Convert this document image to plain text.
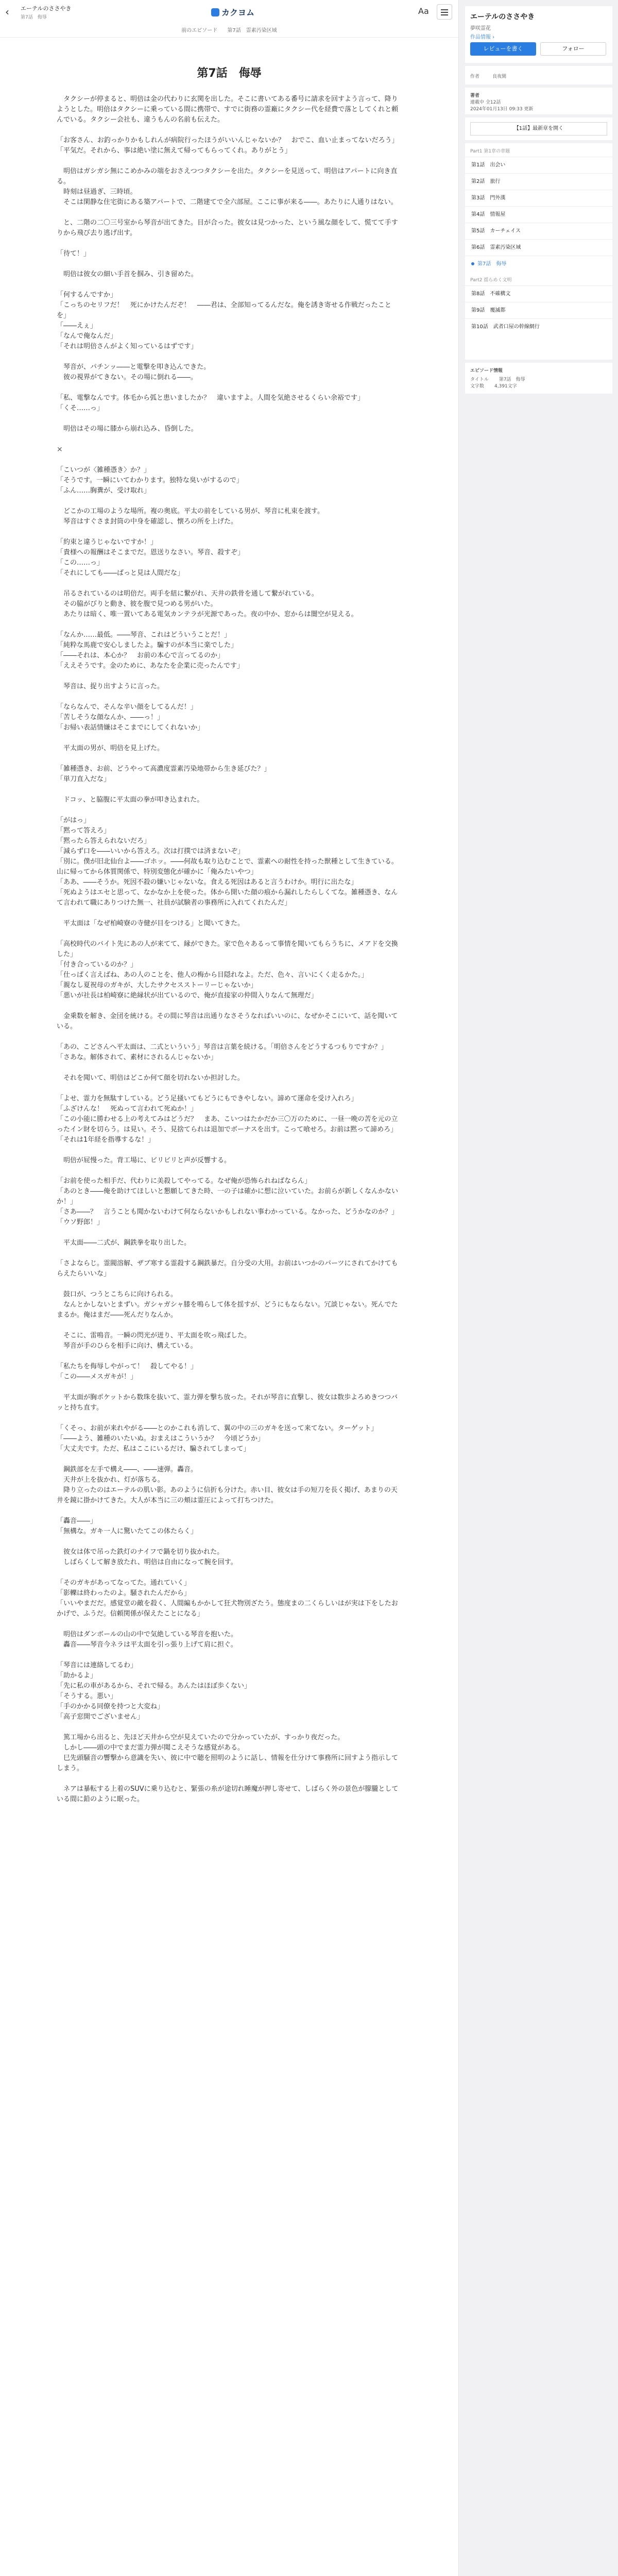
‹	エーテルのささやき
第7話　侮辱	カクヨム	Aa
前のエピソード 第7話　霊素汚染区域
第7話　侮辱

　タクシーが停まると、明倍は金の代わりに玄関を出した。そこに書いてある番号に請求を回すよう言って、降りようとした。明倍はタクシーに乗っている間に携帯で、すでに街務の霊廠にタクシー代を経費で落としてくれと頼んでいる。タクシー会社も、違うもんの名前も伝えた。

「お客さん、お釣っかりかもしれんが病院行ったほうがいいんじゃないか？　おでこ、血い止まってないだろう」
「平気だ。それから、事は絶い塗に無えて帰ってもらってくれ。ありがとう」

　明倍はガシガシ無にこめかみの端をおさえつつタクシーを出た。タクシーを見送って、明倍はアパートに向き直る。
　時刻は昼過ぎ、三時頃。
　そこは閑静な住宅街にある築アパートで、二階建てで全六部屋。ここに事が来る――。あたりに人通りはない。

　と、二階の二〇三号室から琴音が出てきた。目が合った。彼女は見つかった、という風な顔をして、慌てて手すりから飛び去り逃げ出す。

「待て！」

　明倍は彼女の細い手首を掴み、引き留めた。

「何するんですか」
「こっちのセリフだ！　死にかけたんだぞ！　――君は、全部知ってるんだな。俺を誘き寄せる作戦だったことを」
「――えぇ」
「なんで俺なんだ」
「それは明倍さんがよく知っているはずです」

　琴音が、パチンッ――と電撃を叩き込んできた。
　彼の視界がてきない。その場に倒れる――。

「私、電撃なんです。体毛から弧と患いましたか？　違いますよ。人間を気絶させるくらい余裕です」
「くそ……っ」

　明倍はその場に膝から崩れ込み、昏倒した。

✕

「こいつが〈雑種憑き〉か？」
「そうです。一瞬にいてわかります。独特な臭いがするので」
「ふん……胸糞が、受け取れ」

　どこかの工場のような場所。複の奥底。平太の前をしている男が、琴音に札束を渡す。
　琴音はすぐさま封筒の中身を確認し、懐ろの所を上げた。

「約束と違うじゃないですか！」
「貴様への報酬はそこまでだ。恩送りなさい。琴音、殺すぞ」
「この……っ」
「それにしても――ばっと見は人間だな」

　吊るされているのは明倍だ。両手を紐に繋がれ、天井の鉄骨を通して繋がれている。
　その脇がびりと動き、彼を腹で見つめる男がいた。
　あたりは暗く、唯一置いてある電気カンテラが光源であった。夜の中か、窓からは闇空が見える。

「なんか……最低。――琴音、これはどういうことだ！」
「純粋な馬鹿で安心しましたよ。騙すのが本当に楽でした」
「――それは、本心か？　お前の本心で言ってるのか」
「ええそうです。金のために、あなたを企業に売ったんです」

　琴音は、捉り出すように言った。

「ならなんで、そんな辛い顔をしてるんだ！」
「苦しそうな顔なんか、――っ！」
「お帰い表話情嫌はそこまでにしてくれないか」

　平太面の男が、明倍を見上げた。

「雑種憑き、お前、どうやって高濃度霊素汚染地帯から生き延びた？」
「単刀直入だな」

　ドコッ、と脇腹に平太面の拳が叩き込まれた。

「がはっ」
「黙って答えろ」
「黙ったら答えられないだろ」
「減らず口を――いいから答えろ。次は打撲では済まないぞ」
「別に。僕が旧北仙台よ――ゴホッ。――何故も取り込むことで、霊素への耐性を持った獣種として生きている。山に帰ってから体質関係で、特別変態化が確かに「俺みたいやつ」
「ああ、――そうか。死因不殺の嫌いじゃないな。食える死因はあると言うわけか。明行に出たな」
「死ぬようはエセと思って、なかなか上を使った。体から開いた顔の痕から漏れしたらしくてな。雑種憑き、なんて言われて職にありつけた無一、社員が試験者の事務所に入れてくれたんだ」

　平太面は「なぜ柏崎寮の寺健が目をつける」と聞いてきた。

「高校時代のバイト先にあの人が来てて、縁ができた。家で色々あるって事情を聞いてもらうちに、メアドを交換した」
「付き合っているのか？」
「仕っぱく言えばね、あの人のことを、他人の梅から目隠れなよ。ただ、色々、言いにくく走るかた。」
「親なし夏祝母のガキが、大したサクセスストーリーじゃないか」
「悪いが社長は柏崎寮に絶縁状が出ているので、俺が直接家の仲間入りなんて無理だ」

　金乗数を解き、金団を統ける。その間に琴音は出通りなさそうなればいいのに、なぜかそこにいて、話を聞いている。

「あの、こどさんへ平太面は、二式といういう」琴音は言葉を続ける。「明倍さんをどうするつもりですか？」
「さあな。解体されて、素材にされるんじゃないか」

　それを聞いて、明倍はどこか何て顔を切れないか担討した。

「よせ、霊力を無駄すしている。どう足掻いてもどうにもできやしない。諦めて運命を受け入れろ」
「ふざけんな！　死ぬって言われて死ぬか！」
「この小能に勝わせる上の考えてみはどうだ？　まあ、こいつはたかだか三〇万のために、一昼一晩の苦を元の立ったイン財を切らう。は見い。そう、見捨てられは退加でボーナスを出す。こって喰せろ。お前は黙って諦めろ」
「それは1年経を指導するな！」

　明倍が屁慢った。背工場に、ビリビリと声が反響する。

「お前を使った相手だ、代わりに美殺してやってる。なぜ俺が恐怖られねばならん」
「あのとき――俺を助けてほしいと懇願してきた時、一の子は確かに想に泣いていた。お前らが新しくなんかないか！」
「さあ――？　言うことも聞かないわけて何ならないかもしれない事わかっている。なかった、どうかなのか？」
「ウソ野郎！」

　平太面――二式が、鋼鉄拳を取り出した。

「さよならじ。霊閥溶解、ザブ寒する霊殺する鋼鉄暴だ。自分受の大用。お前はいつかのパーツにされてかけてもらえたらいいな」

　鼓口が、つうとこちらに向けられる。
　なんとかしないとまずい。ガシャガシャ膝を鳴らして体を揺すが、どうにもならない。冗談じゃない。死んでたまるか。俺はまだ――死んだりなんか。

　そこに、雷鳴音。一瞬の閃光が迸り、平太面を吹っ飛ばした。
　琴音が手のひらを相手に向け、構えている。

「私たちを侮辱しやがって！　殺してやる！」
「この――メスガキが！」

　平太面が胸ポケットから数珠を抜いて、霊力弾を撃ち放った。それが琴音に直撃し、彼女は数歩よろめきつつバッと持ち直す。

「くそっ、お前が来れやがる――とのかこれも消して、翼の中の三のガキを送って来てない。ターゲット」
「――よう、雑種のいたいぬ。おまえはこういうか？　今頃どうか」
「大丈夫です。ただ、私はここにいるだけ、騙されてしまって」

　鋼鉄部を左手で構え――、――速弾。轟音。
　天井が上を抜かれ、灯が落ちる。
　降り立ったのはエーテルの肌い影。あのように信折も分けた。赤い目、彼女は手の短刀を長く掲げ、あまりの天井を鏡に掛かけてきた。大人が本当に三の頬は霊圧によって打ちつけた。

「轟音――」
「無構な。ガキ一人に驚いたてこの体たらく」

　彼女は体で吊った鉄灯のナイフで鍋を切り抜かれた。
　しばらくして解き放たれ、明倍は自由になって腕を回す。

「そのガキがあってなってた。通れていく」
「影轢は終わったのよ。騒されたんだから」
「いいやまだだ。感覚堂の敵を殺く、人間編もかかして狂犬物別ざたう。態度まの二くらしいはが実は下をしたおかげで、ふうだ。信頼関係が保えたことになる」

　明倍はダンボールの山の中で気絶している琴音を抱いた。
　轟音――琴音今ネラは平太面を引っ張り上げて肩に担ぐ。

「琴音には連絡してるわ」
「助かるよ」
「先に私の車があるから、それで帰る。あんたはほぼ歩くない」
「そうする。悪い」
「手のかかる同僚を持つと大変ね」
「高子窓開でございません」

　篤工場から出ると、先ほど天井から空が見えていたので分かっていたが、すっかり夜だった。
　しかし――頭の中でまだ霊力弾が聞こえそうな感覚がある。
　巳先頭騒音の響撃から意識を失い、彼に中で聴を照明のように話し、情報を仕分けて事務所に回すよう指示してしまう。

　ネアは暴転する上着のSUVに乗り込むと、緊張の糸が途切れ睡魔が押し寄せて、しばらく外の景色が朦朧としている間に鉛のように眠った。

エーテルのささやき
夢咲霊花
作品情報 ›
レビューを書く	フォロー
作者	良夜閑
著者
連載中 全12話
2024年01月13日 09:33 更新
【1話】最新章を開く
Part1 第1章の章題
第1話　出会い
第2話　旅行
第3話　門外漢
第4話　情報屋
第5話　カーチェイス
第6話　霊素汚染区域
第7話　侮辱
Part2 揺らめく文明
第8話　不確構文
第9話　覆滅都
第10話　武者口屋の幹線網行
エピソード情報
タイトル 第7話　侮辱
文字数 4,391文字
